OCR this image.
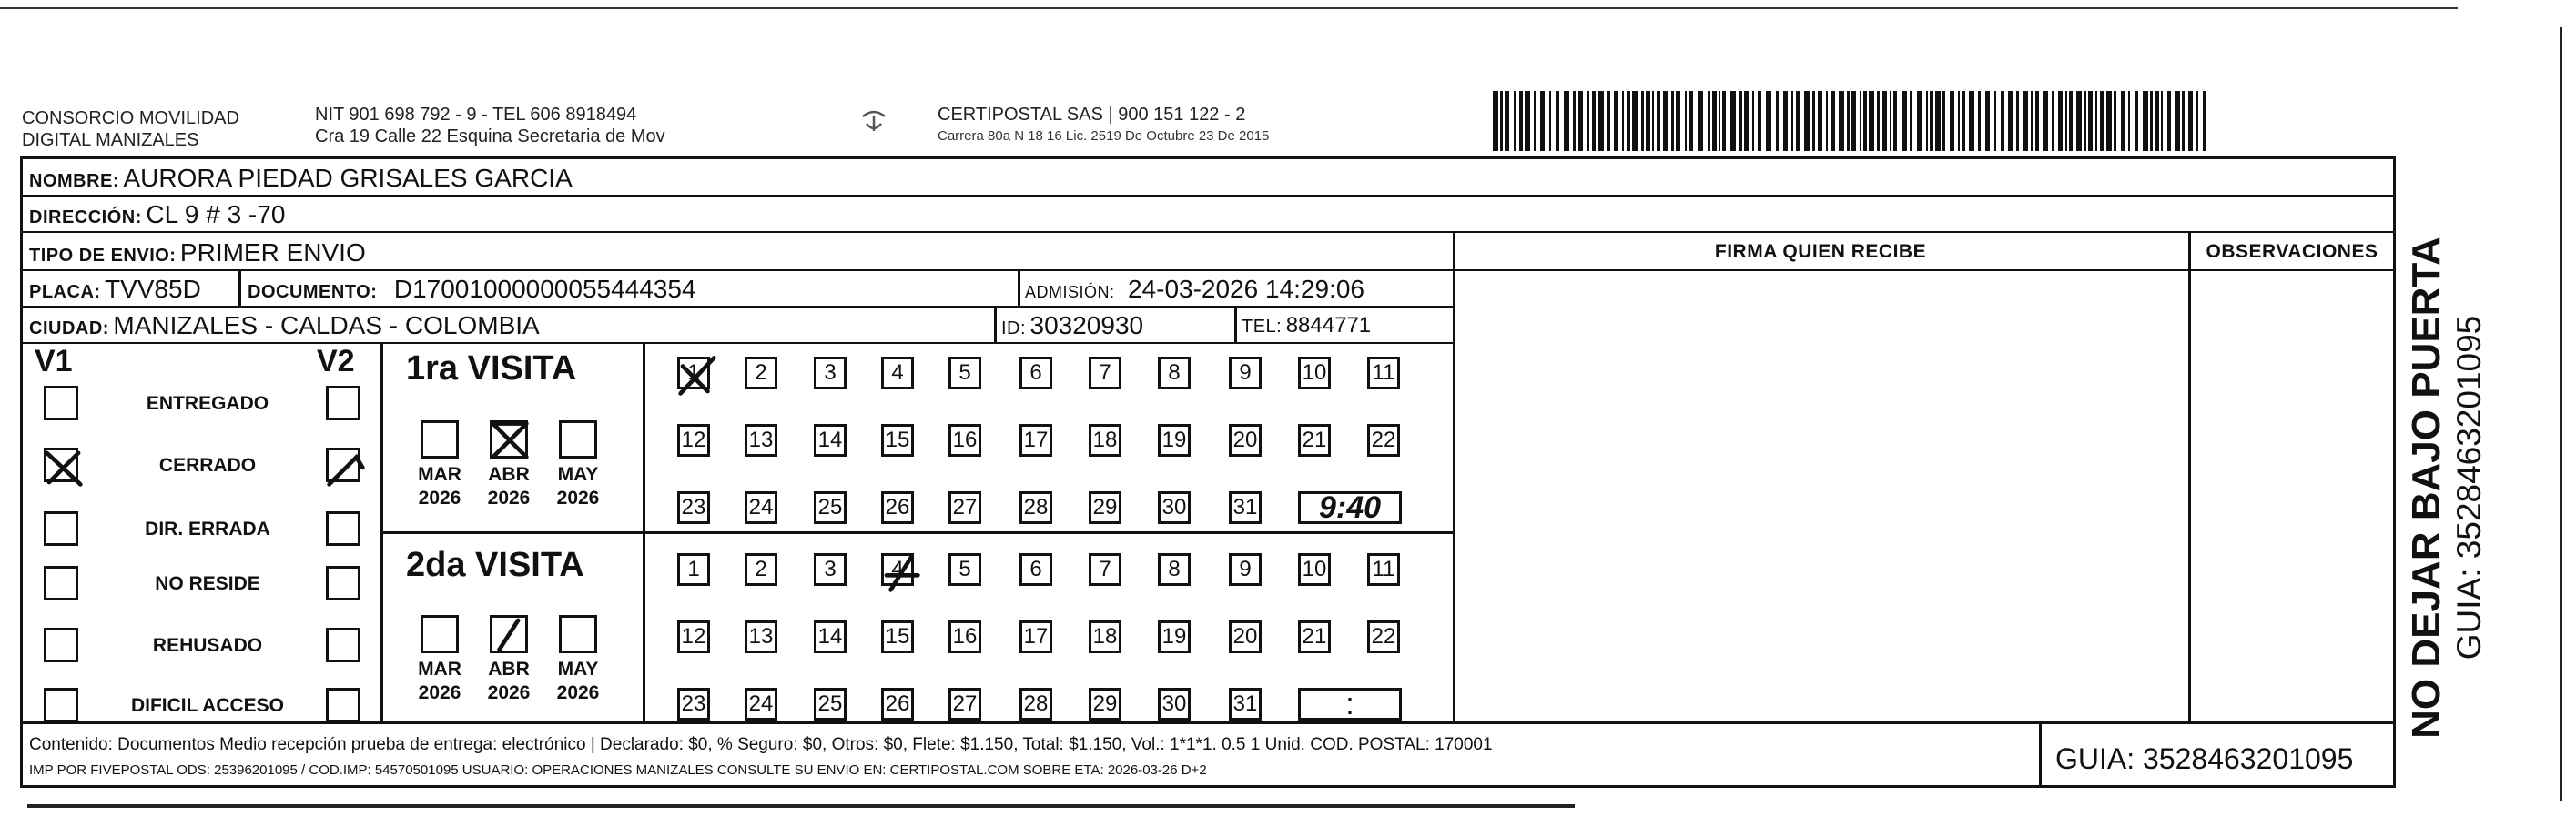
CONSORCIO MOVILIDAD
DIGITAL MANIZALES
NIT 901 698 792 - 9 - TEL 606 8918494
Cra 19 Calle 22 Esquina Secretaria de Mov
CERTIPOSTAL SAS | 900 151 122 - 2
Carrera 80a N 18 16 Lic. 2519 De Octubre 23 De 2015
NOMBRE: AURORA PIEDAD GRISALES GARCIA
DIRECCIÓN: CL 9 # 3 -70
TIPO DE ENVIO: PRIMER ENVIO	FIRMA QUIEN RECIBE	OBSERVACIONES
PLACA: TVV85D	DOCUMENTO: D17001000000055444354	ADMISIÓN: 24-03-2026 14:29:06
CIUDAD: MANIZALES - CALDAS - COLOMBIA	ID: 30320930	TEL: 8844771
V1	V2
ENTREGADO
CERRADO
DIR. ERRADA
NO RESIDE
REHUSADO
DIFICIL ACCESO
1ra VISITA
2da VISITA
MAR
2026
ABR
2026
MAY
2026
MAR
2026
ABR
2026
MAY
2026
1	2	3	4	5	6	7	8	9	10 11
12 13 14 15 16 17 18 19 20 21 22
23 24 25 26 27 28 29 30 31	9:40
1	2	3	4	5	6	7	8	9	10 11
12 13 14 15 16 17 18 19 20 21 22
23 24 25 26 27 28 29 30 31	:
Contenido: Documentos Medio recepción prueba de entrega: electrónico | Declarado: $0, % Seguro: $0, Otros: $0, Flete: $1.150, Total: $1.150, Vol.: 1*1*1. 0.5 1 Unid. COD. POSTAL: 170001
IMP POR FIVEPOSTAL ODS: 25396201095 / COD.IMP: 54570501095 USUARIO: OPERACIONES MANIZALES CONSULTE SU ENVIO EN: CERTIPOSTAL.COM SOBRE ETA: 2026-03-26 D+2	GUIA: 3528463201095
NO DEJAR BAJO PUERTA GUIA: 3528463201095
